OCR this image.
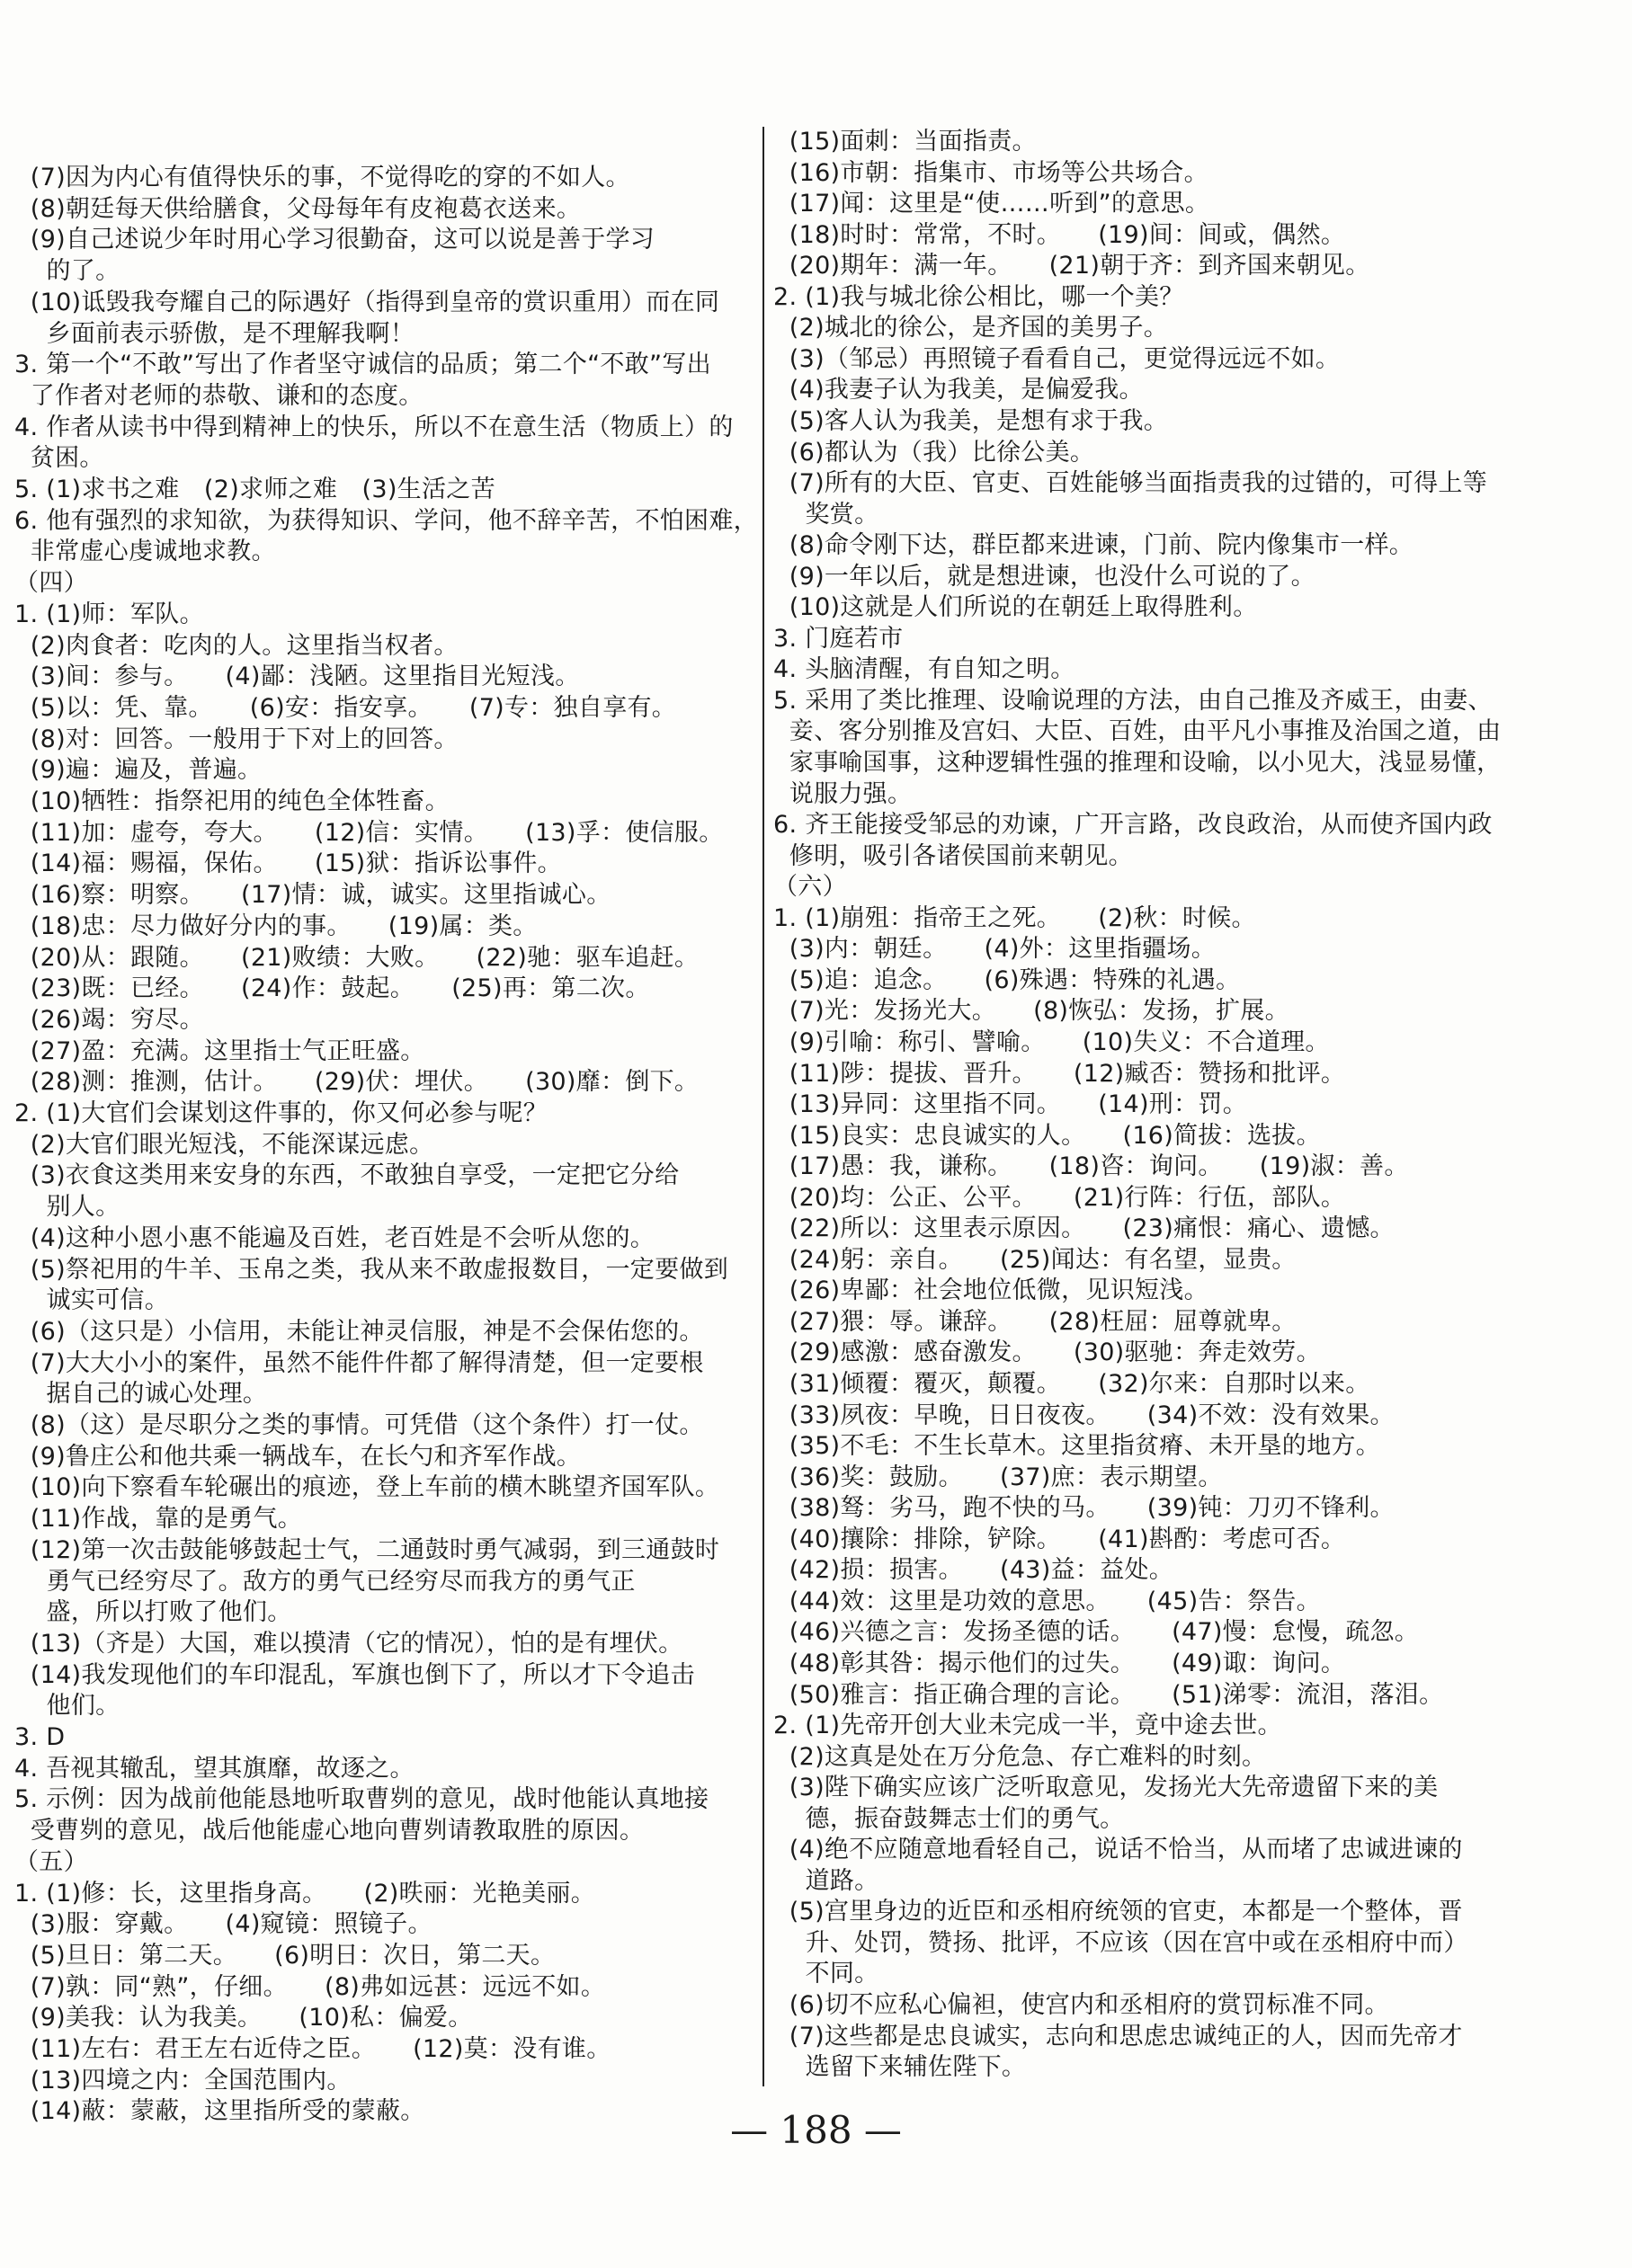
(7)因为内心有值得快乐的事，不觉得吃的穿的不如人。
(8)朝廷每天供给膳食，父母每年有皮袍葛衣送来。
(9)自己述说少年时用心学习很勤奋，这可以说是善于学习
的了。
(10)诋毁我夸耀自己的际遇好（指得到皇帝的赏识重用）而在同
乡面前表示骄傲，是不理解我啊！
3. 第一个“不敢”写出了作者坚守诚信的品质；第二个“不敢”写出
了作者对老师的恭敬、谦和的态度。
4. 作者从读书中得到精神上的快乐，所以不在意生活（物质上）的
贫困。
5. (1)求书之难　(2)求师之难　(3)生活之苦
6. 他有强烈的求知欲，为获得知识、学问，他不辞辛苦，不怕困难，
非常虚心虔诚地求教。
（四）
1. (1)师：军队。
(2)肉食者：吃肉的人。这里指当权者。
(3)间：参与。　　(4)鄙：浅陋。这里指目光短浅。
(5)以：凭、靠。　　(6)安：指安享。　　(7)专：独自享有。
(8)对：回答。一般用于下对上的回答。
(9)遍：遍及，普遍。
(10)牺牲：指祭祀用的纯色全体牲畜。
(11)加：虚夸，夸大。　　(12)信：实情。　　(13)孚：使信服。
(14)福：赐福，保佑。　　(15)狱：指诉讼事件。
(16)察：明察。　　(17)情：诚，诚实。这里指诚心。
(18)忠：尽力做好分内的事。　　(19)属：类。
(20)从：跟随。　　(21)败绩：大败。　　(22)驰：驱车追赶。
(23)既：已经。　　(24)作：鼓起。　　(25)再：第二次。
(26)竭：穷尽。
(27)盈：充满。这里指士气正旺盛。
(28)测：推测，估计。　　(29)伏：埋伏。　　(30)靡：倒下。
2. (1)大官们会谋划这件事的，你又何必参与呢？
(2)大官们眼光短浅，不能深谋远虑。
(3)衣食这类用来安身的东西，不敢独自享受，一定把它分给
别人。
(4)这种小恩小惠不能遍及百姓，老百姓是不会听从您的。
(5)祭祀用的牛羊、玉帛之类，我从来不敢虚报数目，一定要做到
诚实可信。
(6)（这只是）小信用，未能让神灵信服，神是不会保佑您的。
(7)大大小小的案件，虽然不能件件都了解得清楚，但一定要根
据自己的诚心处理。
(8)（这）是尽职分之类的事情。可凭借（这个条件）打一仗。
(9)鲁庄公和他共乘一辆战车，在长勺和齐军作战。
(10)向下察看车轮碾出的痕迹，登上车前的横木眺望齐国军队。
(11)作战，靠的是勇气。
(12)第一次击鼓能够鼓起士气，二通鼓时勇气减弱，到三通鼓时
勇气已经穷尽了。敌方的勇气已经穷尽而我方的勇气正
盛，所以打败了他们。
(13)（齐是）大国，难以摸清（它的情况），怕的是有埋伏。
(14)我发现他们的车印混乱，军旗也倒下了，所以才下令追击
他们。
3. D
4. 吾视其辙乱，望其旗靡，故逐之。
5. 示例：因为战前他能恳地听取曹刿的意见，战时他能认真地接
受曹刿的意见，战后他能虚心地向曹刿请教取胜的原因。
（五）
1. (1)修：长，这里指身高。　　(2)昳丽：光艳美丽。
(3)服：穿戴。　　(4)窥镜：照镜子。
(5)旦日：第二天。　　(6)明日：次日，第二天。
(7)孰：同“熟”，仔细。　　(8)弗如远甚：远远不如。
(9)美我：认为我美。　　(10)私：偏爱。
(11)左右：君王左右近侍之臣。　　(12)莫：没有谁。
(13)四境之内：全国范围内。
(14)蔽：蒙蔽，这里指所受的蒙蔽。
(15)面刺：当面指责。
(16)市朝：指集市、市场等公共场合。
(17)闻：这里是“使……听到”的意思。
(18)时时：常常，不时。　　(19)间：间或，偶然。
(20)期年：满一年。　　(21)朝于齐：到齐国来朝见。
2. (1)我与城北徐公相比，哪一个美？
(2)城北的徐公，是齐国的美男子。
(3)（邹忌）再照镜子看看自己，更觉得远远不如。
(4)我妻子认为我美，是偏爱我。
(5)客人认为我美，是想有求于我。
(6)都认为（我）比徐公美。
(7)所有的大臣、官吏、百姓能够当面指责我的过错的，可得上等
奖赏。
(8)命令刚下达，群臣都来进谏，门前、院内像集市一样。
(9)一年以后，就是想进谏，也没什么可说的了。
(10)这就是人们所说的在朝廷上取得胜利。
3. 门庭若市
4. 头脑清醒，有自知之明。
5. 采用了类比推理、设喻说理的方法，由自己推及齐威王，由妻、
妾、客分别推及宫妇、大臣、百姓，由平凡小事推及治国之道，由
家事喻国事，这种逻辑性强的推理和设喻，以小见大，浅显易懂，
说服力强。
6. 齐王能接受邹忌的劝谏，广开言路，改良政治，从而使齐国内政
修明，吸引各诸侯国前来朝见。
（六）
1. (1)崩殂：指帝王之死。　　(2)秋：时候。
(3)内：朝廷。　　(4)外：这里指疆场。
(5)追：追念。　　(6)殊遇：特殊的礼遇。
(7)光：发扬光大。　　(8)恢弘：发扬，扩展。
(9)引喻：称引、譬喻。　　(10)失义：不合道理。
(11)陟：提拔、晋升。　　(12)臧否：赞扬和批评。
(13)异同：这里指不同。　　(14)刑：罚。
(15)良实：忠良诚实的人。　　(16)简拔：选拔。
(17)愚：我，谦称。　　(18)咨：询问。　　(19)淑：善。
(20)均：公正、公平。　　(21)行阵：行伍，部队。
(22)所以：这里表示原因。　　(23)痛恨：痛心、遗憾。
(24)躬：亲自。　　(25)闻达：有名望，显贵。
(26)卑鄙：社会地位低微，见识短浅。
(27)猥：辱。谦辞。　　(28)枉屈：屈尊就卑。
(29)感激：感奋激发。　　(30)驱驰：奔走效劳。
(31)倾覆：覆灭，颠覆。　　(32)尔来：自那时以来。
(33)夙夜：早晚，日日夜夜。　　(34)不效：没有效果。
(35)不毛：不生长草木。这里指贫瘠、未开垦的地方。
(36)奖：鼓励。　　(37)庶：表示期望。
(38)驽：劣马，跑不快的马。　　(39)钝：刀刃不锋利。
(40)攘除：排除，铲除。　　(41)斟酌：考虑可否。
(42)损：损害。　　(43)益：益处。
(44)效：这里是功效的意思。　　(45)告：祭告。
(46)兴德之言：发扬圣德的话。　　(47)慢：怠慢，疏忽。
(48)彰其咎：揭示他们的过失。　　(49)诹：询问。
(50)雅言：指正确合理的言论。　　(51)涕零：流泪，落泪。
2. (1)先帝开创大业未完成一半，竟中途去世。
(2)这真是处在万分危急、存亡难料的时刻。
(3)陛下确实应该广泛听取意见，发扬光大先帝遗留下来的美
德，振奋鼓舞志士们的勇气。
(4)绝不应随意地看轻自己，说话不恰当，从而堵了忠诚进谏的
道路。
(5)宫里身边的近臣和丞相府统领的官吏，本都是一个整体，晋
升、处罚，赞扬、批评，不应该（因在宫中或在丞相府中而）
不同。
(6)切不应私心偏袒，使宫内和丞相府的赏罚标准不同。
(7)这些都是忠良诚实，志向和思虑忠诚纯正的人，因而先帝才
选留下来辅佐陛下。
— 188 —
